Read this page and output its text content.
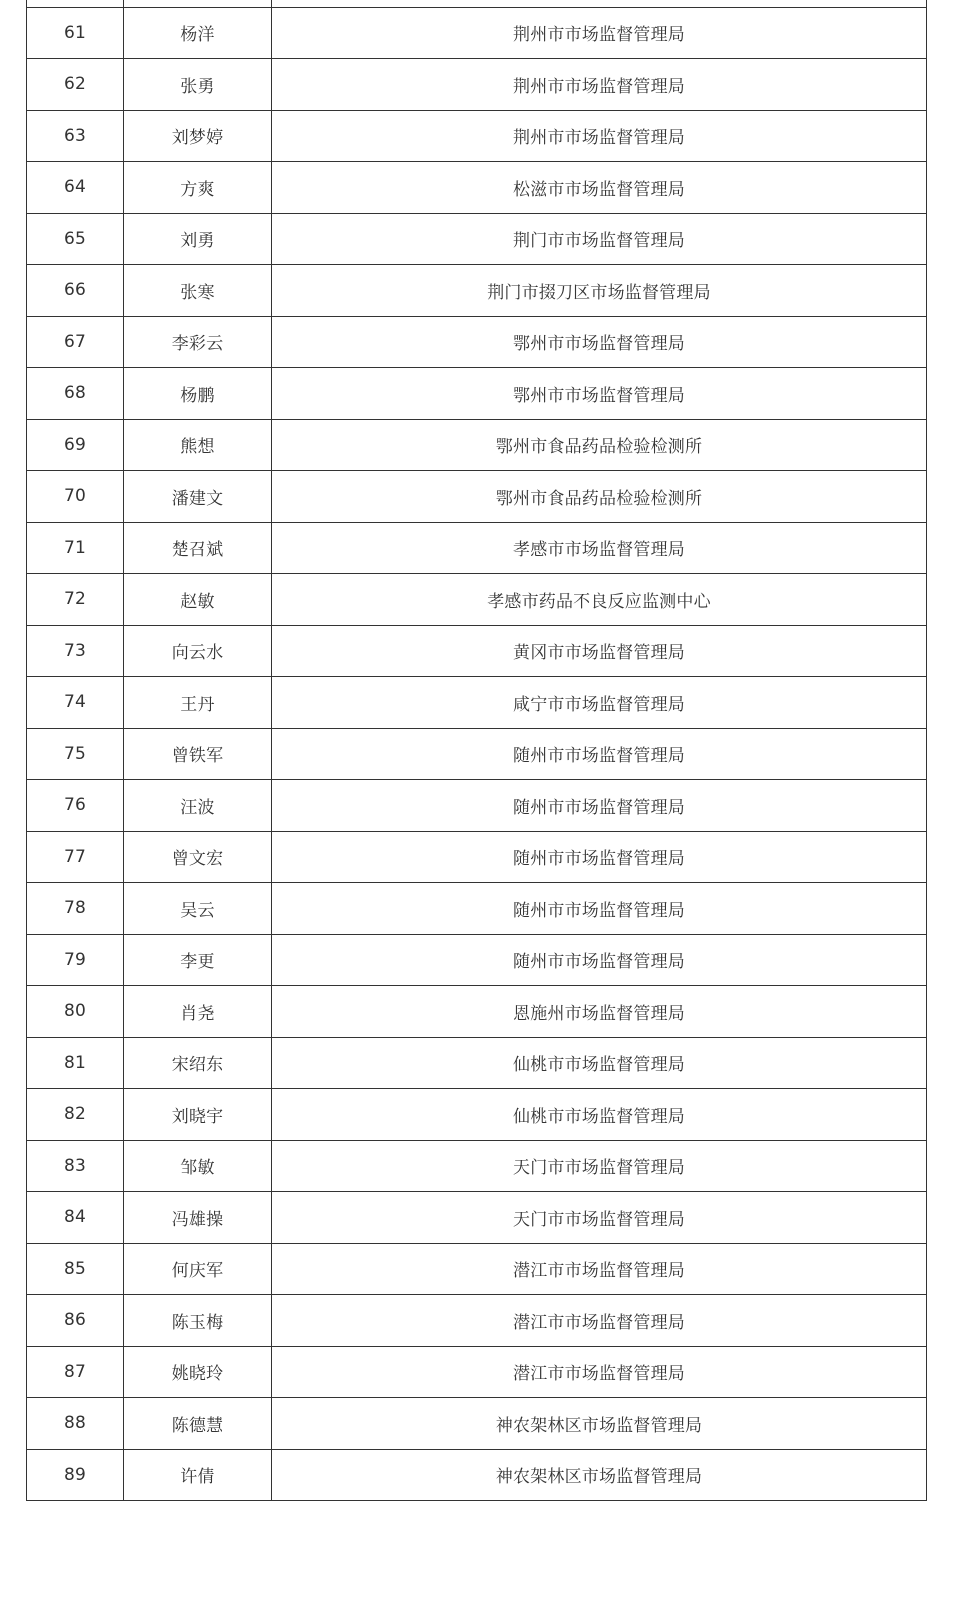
61	杨洋	荆州市市场监督管理局
62	张勇	荆州市市场监督管理局
63	刘梦婷	荆州市市场监督管理局
64	方爽	松滋市市场监督管理局
65	刘勇	荆门市市场监督管理局
66	张寒	荆门市掇刀区市场监督管理局
67	李彩云	鄂州市市场监督管理局
68	杨鹏	鄂州市市场监督管理局
69	熊想	鄂州市食品药品检验检测所
70	潘建文	鄂州市食品药品检验检测所
71	楚召斌	孝感市市场监督管理局
72	赵敏	孝感市药品不良反应监测中心
73	向云水	黄冈市市场监督管理局
74	王丹	咸宁市市场监督管理局
75	曾铁军	随州市市场监督管理局
76	汪波	随州市市场监督管理局
77	曾文宏	随州市市场监督管理局
78	吴云	随州市市场监督管理局
79	李更	随州市市场监督管理局
80	肖尧	恩施州市场监督管理局
81	宋绍东	仙桃市市场监督管理局
82	刘晓宇	仙桃市市场监督管理局
83	邹敏	天门市市场监督管理局
84	冯雄操	天门市市场监督管理局
85	何庆军	潜江市市场监督管理局
86	陈玉梅	潜江市市场监督管理局
87	姚晓玲	潜江市市场监督管理局
88	陈德慧	神农架林区市场监督管理局
89	许倩	神农架林区市场监督管理局
